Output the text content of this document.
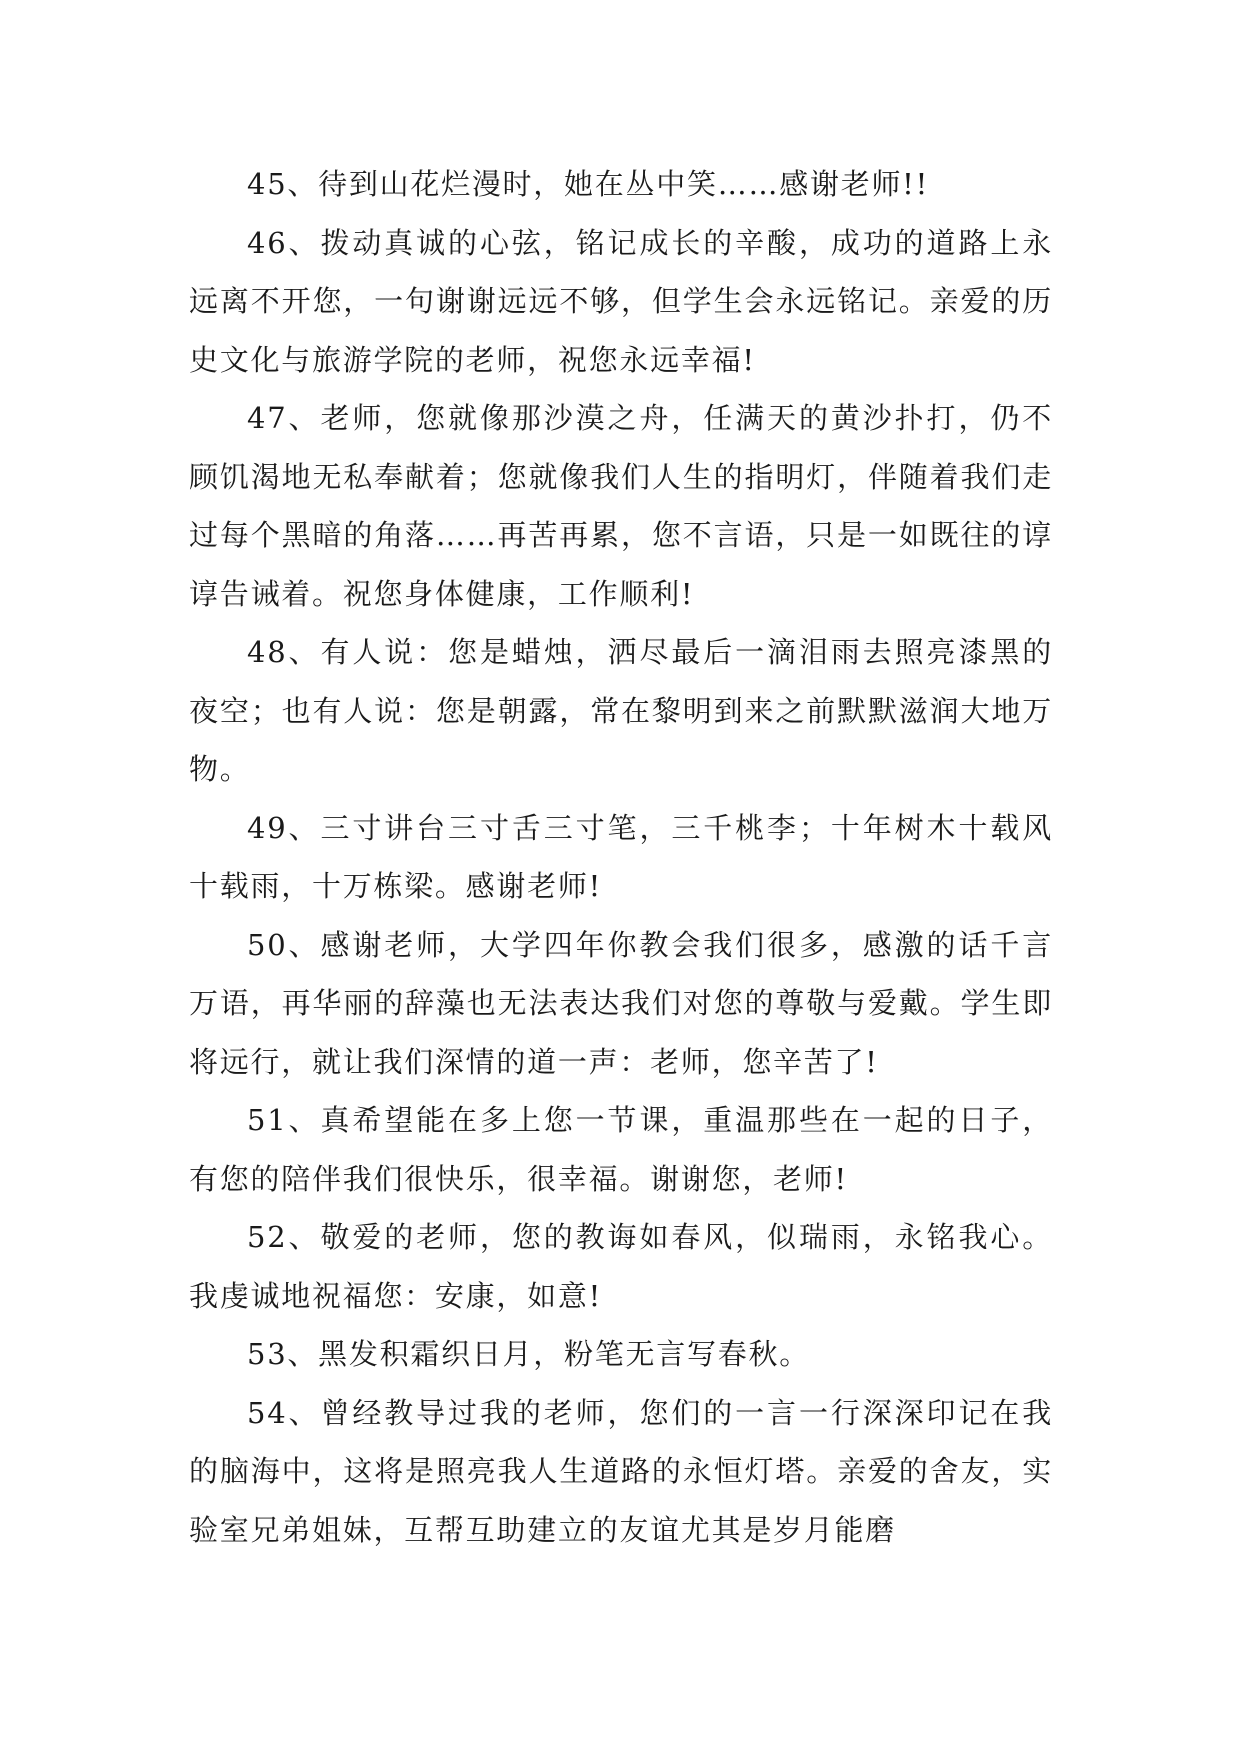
45、待到山花烂漫时，她在丛中笑……感谢老师!!

46、拨动真诚的心弦，铭记成长的辛酸，成功的道路上永远离不开您，一句谢谢远远不够，但学生会永远铭记。亲爱的历史文化与旅游学院的老师，祝您永远幸福!

47、老师，您就像那沙漠之舟，任满天的黄沙扑打，仍不顾饥渴地无私奉献着；您就像我们人生的指明灯，伴随着我们走过每个黑暗的角落……再苦再累，您不言语，只是一如既往的谆谆告诫着。祝您身体健康，工作顺利!

48、有人说：您是蜡烛，洒尽最后一滴泪雨去照亮漆黑的夜空；也有人说：您是朝露，常在黎明到来之前默默滋润大地万物。

49、三寸讲台三寸舌三寸笔，三千桃李；十年树木十载风十载雨，十万栋梁。感谢老师!

50、感谢老师，大学四年你教会我们很多，感激的话千言万语，再华丽的辞藻也无法表达我们对您的尊敬与爱戴。学生即将远行，就让我们深情的道一声：老师，您辛苦了!

51、真希望能在多上您一节课，重温那些在一起的日子，有您的陪伴我们很快乐，很幸福。谢谢您，老师!

52、敬爱的老师，您的教诲如春风，似瑞雨，永铭我心。我虔诚地祝福您：安康，如意!

53、黑发积霜织日月，粉笔无言写春秋。

54、曾经教导过我的老师，您们的一言一行深深印记在我的脑海中，这将是照亮我人生道路的永恒灯塔。亲爱的舍友，实验室兄弟姐妹，互帮互助建立的友谊尤其是岁月能磨
